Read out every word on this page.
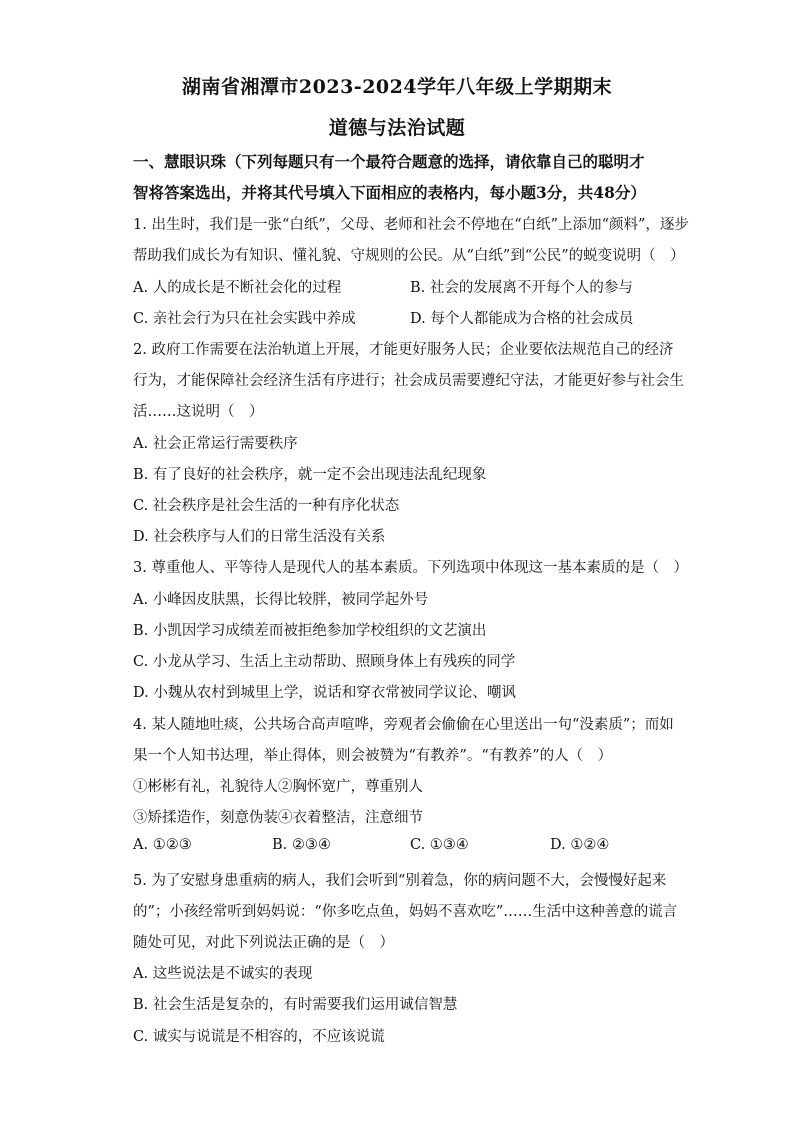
湖南省湘潭市2023-2024学年八年级上学期期末
道德与法治试题
一、慧眼识珠（下列每题只有一个最符合题意的选择，请依靠自己的聪明才
智将答案选出，并将其代号填入下面相应的表格内，每小题3分，共48分）
1. 出生时，我们是一张“白纸”，父母、老师和社会不停地在“白纸”上添加“颜料”，逐步
帮助我们成长为有知识、懂礼貌、守规则的公民。从“白纸”到“公民”的蜕变说明（　）
A. 人的成长是不断社会化的过程	B. 社会的发展离不开每个人的参与
C. 亲社会行为只在社会实践中养成	D. 每个人都能成为合格的社会成员
2. 政府工作需要在法治轨道上开展，才能更好服务人民；企业要依法规范自己的经济
行为，才能保障社会经济生活有序进行；社会成员需要遵纪守法，才能更好参与社会生
活……这说明（　）
A. 社会正常运行需要秩序
B. 有了良好的社会秩序，就一定不会出现违法乱纪现象
C. 社会秩序是社会生活的一种有序化状态
D. 社会秩序与人们的日常生活没有关系
3. 尊重他人、平等待人是现代人的基本素质。下列选项中体现这一基本素质的是（　）
A. 小峰因皮肤黑，长得比较胖，被同学起外号
B. 小凯因学习成绩差而被拒绝参加学校组织的文艺演出
C. 小龙从学习、生活上主动帮助、照顾身体上有残疾的同学
D. 小魏从农村到城里上学，说话和穿衣常被同学议论、嘲讽
4. 某人随地吐痰，公共场合高声喧哗，旁观者会偷偷在心里送出一句“没素质”；而如
果一个人知书达理，举止得体，则会被赞为“有教养”。“有教养”的人（　）
①彬彬有礼，礼貌待人②胸怀宽广，尊重别人
③矫揉造作，刻意伪装④衣着整洁，注意细节
A. ①②③	B. ②③④	C. ①③④	D. ①②④
5. 为了安慰身患重病的病人，我们会听到“别着急，你的病问题不大，会慢慢好起来
的”；小孩经常听到妈妈说：“你多吃点鱼，妈妈不喜欢吃”……生活中这种善意的谎言
随处可见，对此下列说法正确的是（　）
A. 这些说法是不诚实的表现
B. 社会生活是复杂的，有时需要我们运用诚信智慧
C. 诚实与说谎是不相容的，不应该说谎
